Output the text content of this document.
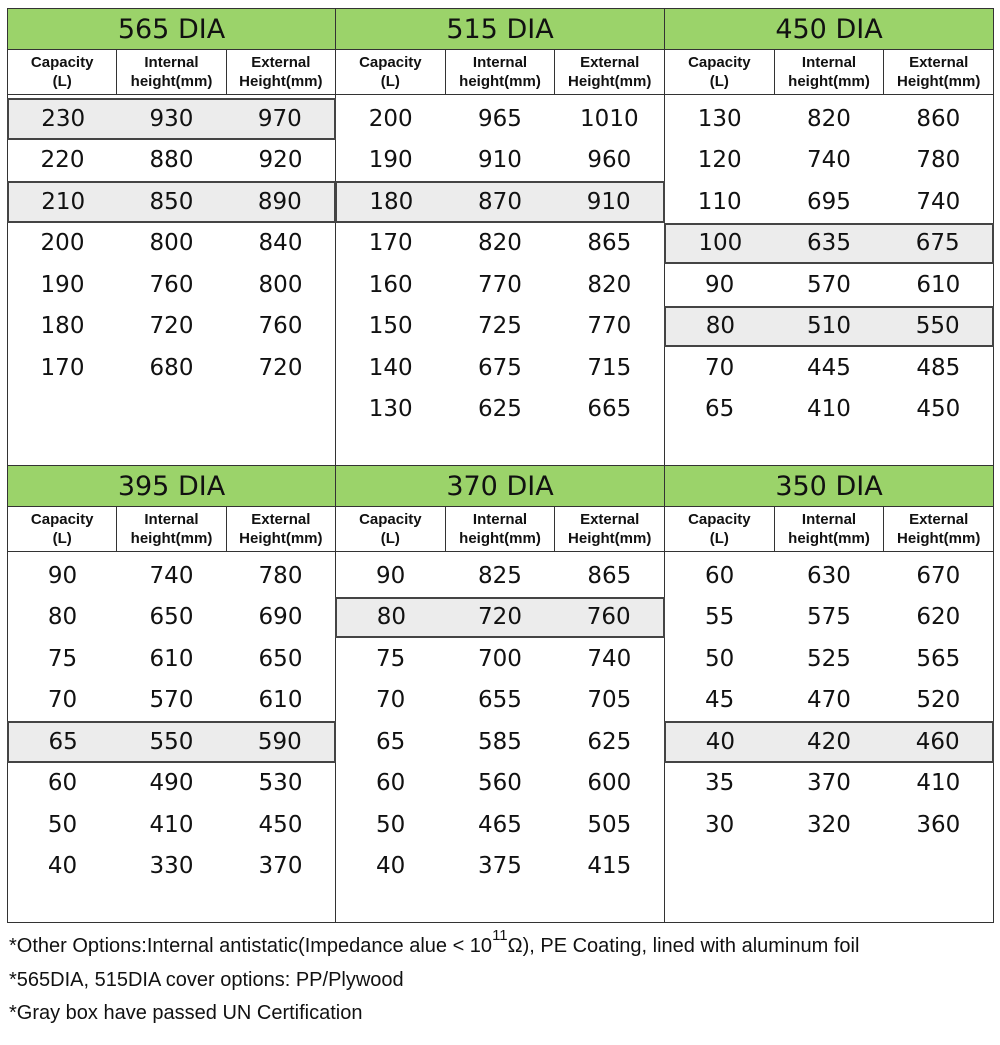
565 DIA
Capacity
(L)
Internal
height(mm)
External
Height(mm)
230	930	970
220	880	920
210	850	890
200	800	840
190	760	800
180	720	760
170	680	720
515 DIA
Capacity
(L)
Internal
height(mm)
External
Height(mm)
200	965	1010
190	910	960
180	870	910
170	820	865
160	770	820
150	725	770
140	675	715
130	625	665
450 DIA
Capacity
(L)
Internal
height(mm)
External
Height(mm)
130	820	860
120	740	780
110	695	740
100	635	675
90	570	610
80	510	550
70	445	485
65	410	450
395 DIA
Capacity
(L)
Internal
height(mm)
External
Height(mm)
90	740	780
80	650	690
75	610	650
70	570	610
65	550	590
60	490	530
50	410	450
40	330	370
370 DIA
Capacity
(L)
Internal
height(mm)
External
Height(mm)
90	825	865
80	720	760
75	700	740
70	655	705
65	585	625
60	560	600
50	465	505
40	375	415
350 DIA
Capacity
(L)
Internal
height(mm)
External
Height(mm)
60	630	670
55	575	620
50	525	565
45	470	520
40	420	460
35	370	410
30	320	360
*Other Options:Internal antistatic(Impedance alue < $10^{11}\Omega$), PE Coating, lined with aluminum foil
*565DIA, 515DIA cover options: PP/Plywood
*Gray box have passed UN Certification
